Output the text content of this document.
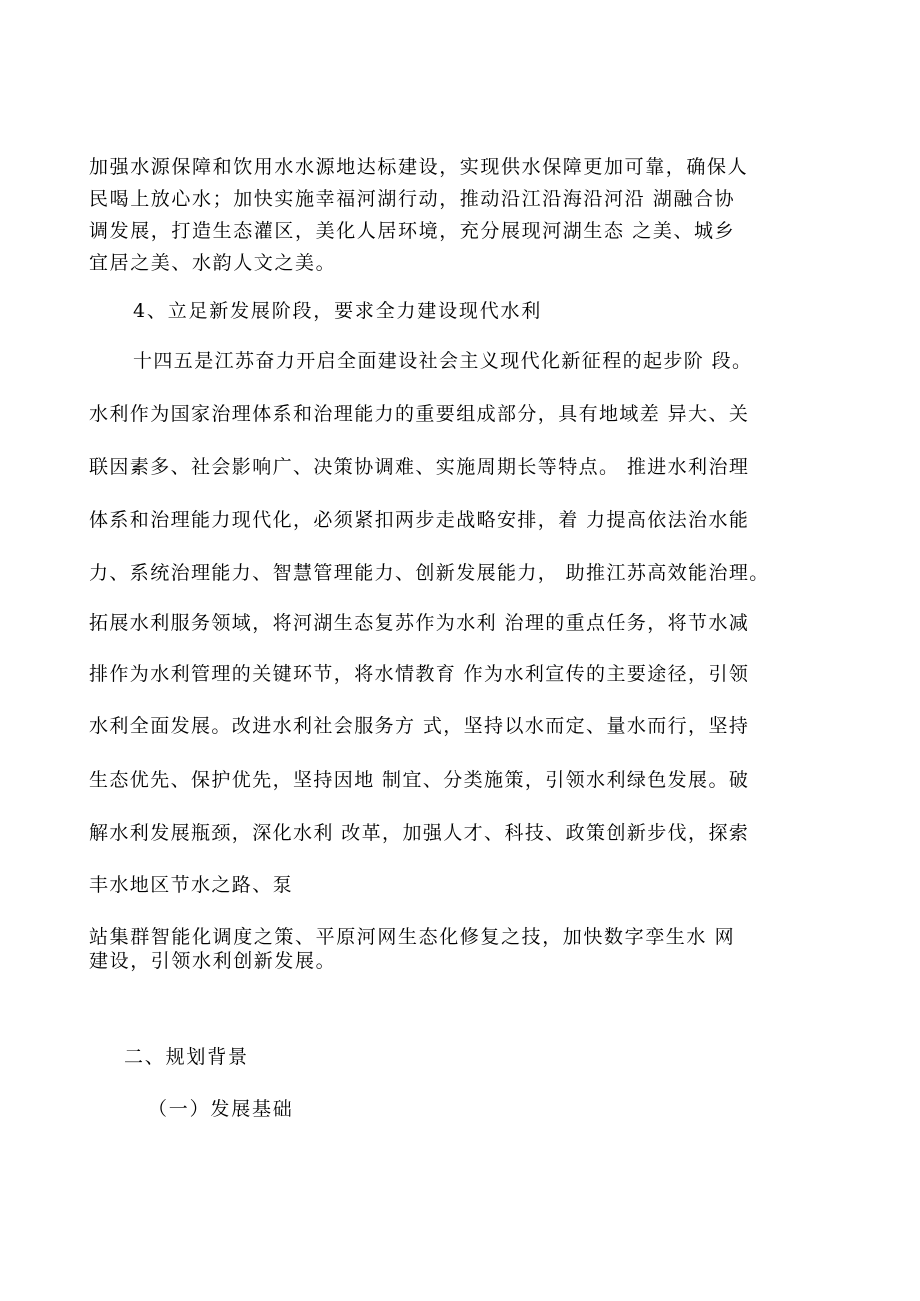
加强水源保障和饮用水水源地达标建设，实现供水保障更加可靠，确保人
民喝上放心水；加快实施幸福河湖行动，推动沿江沿海沿河沿 湖融合协
调发展，打造生态灌区，美化人居环境，充分展现河湖生态 之美、城乡
宜居之美、水韵人文之美。
4、立足新发展阶段，要求全力建设现代水利
十四五是江苏奋力开启全面建设社会主义现代化新征程的起步阶 段。
水利作为国家治理体系和治理能力的重要组成部分，具有地域差 异大、关
联因素多、社会影响广、决策协调难、实施周期长等特点。 推进水利治理
体系和治理能力现代化，必须紧扣两步走战略安排，着 力提高依法治水能
力、系统治理能力、智慧管理能力、创新发展能力， 助推江苏高效能治理。
拓展水利服务领域，将河湖生态复苏作为水利 治理的重点任务，将节水减
排作为水利管理的关键环节，将水情教育 作为水利宣传的主要途径，引领
水利全面发展。改进水利社会服务方 式，坚持以水而定、量水而行，坚持
生态优先、保护优先，坚持因地 制宜、分类施策，引领水利绿色发展。破
解水利发展瓶颈，深化水利 改革，加强人才、科技、政策创新步伐，探索
丰水地区节水之路、泵
站集群智能化调度之策、平原河网生态化修复之技，加快数字孪生水 网
建设，引领水利创新发展。
二、规划背景
（一）发展基础
